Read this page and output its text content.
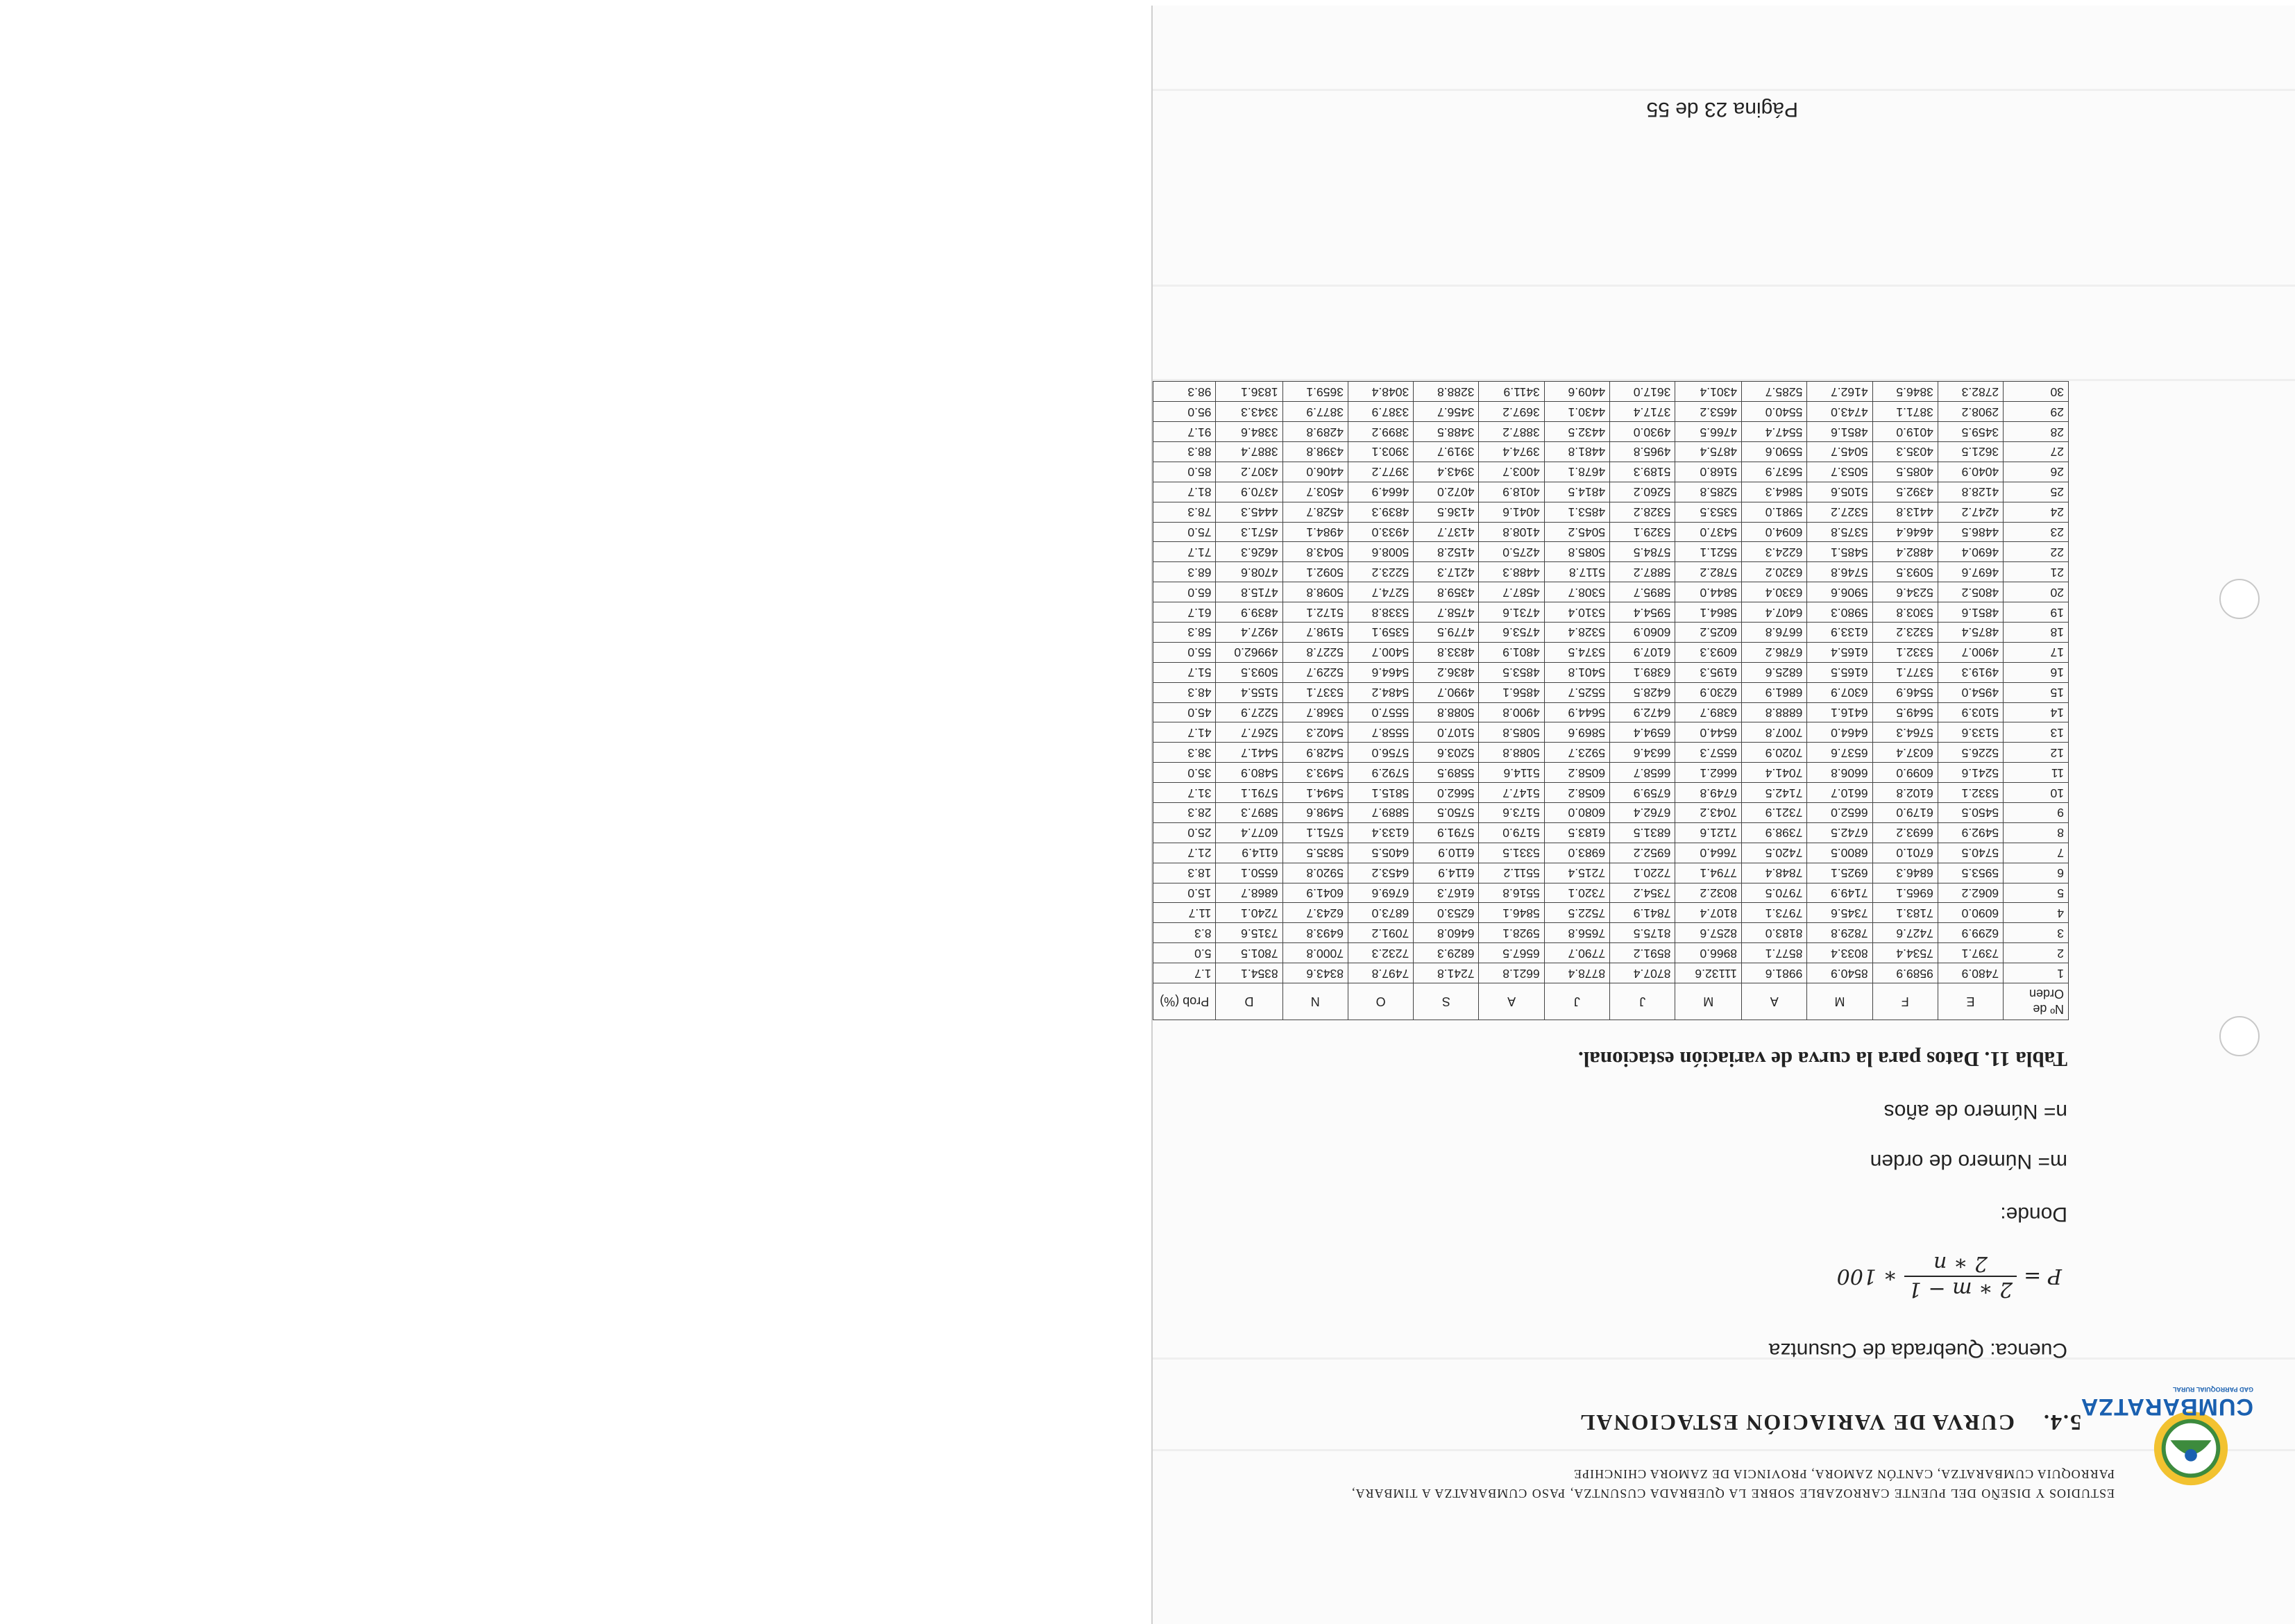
CUMBARATZA
GAD PARROQUIAL RURAL
ESTUDIOS Y DISEÑO DEL PUENTE CARROZABLE SOBRE LA QUEBRADA CUSUNTZA, PASO CUMBARATZA A TIMBARA, PARROQUIA CUMBARATZA, CANTÓN ZAMORA, PROVINCIA DE ZAMORA CHINCHIPE
5.4. CURVA DE VARIACIÓN ESTACIONAL
Cuenca: Quebrada de Cusuntza
P =
2 ∗ m − 1
2 ∗ n
∗ 100
Donde:
m= Número de orden
n= Número de años
Tabla 11. Datos para la curva de variación estacional.
Nº de
Orden	E	F	M	A	M	J	J	A	S	O	N	D	Prob (%)
1	7480.9	9589.9	8540.9	9981.6	11132.6	8707.4	8778.4	6621.8	7241.8	7497.8	8343.6	8354.1	1.7
2	7397.1	7534.4	8033.4	8577.1	8966.0	8591.2	7790.7	6567.5	6829.3	7232.3	7000.8	7801.5	5.0
3	6299.9	7427.6	7829.8	8183.0	8257.6	8175.5	7656.8	5928.1	6460.8	7091.2	6493.8	7315.6	8.3
4	6090.0	7183.1	7345.6	7973.1	8107.4	7841.9	7522.5	5846.1	6253.0	6873.0	6243.7	7240.1	11.7
5	6062.2	6965.1	7149.9	7970.5	8032.2	7354.2	7320.1	5516.8	6167.3	6769.6	6041.9	6868.7	15.0
6	5953.5	6846.3	6925.1	7848.4	7794.1	7220.1	7215.4	5511.2	6114.9	6453.2	5920.8	6550.1	18.3
7	5740.5	6701.0	6800.5	7420.5	7664.0	6952.2	6983.0	5331.5	6110.9	6405.5	5835.5	6114.9	21.7
8	5492.9	6693.2	6742.5	7398.9	7121.6	6831.5	6183.5	5179.0	5791.9	6133.4	5751.1	6077.4	25.0
9	5450.5	6179.0	6652.0	7321.9	7043.2	6762.4	6080.0	5173.6	5750.5	5889.7	5498.6	5897.3	28.3
10	5332.1	6102.8	6610.7	7142.5	6749.8	6759.9	6058.2	5147.7	5662.0	5815.1	5494.1	5791.1	31.7
11	5241.6	6099.0	6606.8	7041.4	6662.1	6658.7	6058.2	5114.6	5589.5	5792.9	5493.3	5480.9	35.0
12	5226.5	6037.4	6537.6	7020.9	6557.3	6634.6	5923.7	5088.8	5203.6	5756.0	5428.9	5441.7	38.3
13	5133.6	5764.3	6464.0	7007.8	6544.0	6594.4	5869.6	5085.8	5107.0	5558.7	5402.3	5267.7	41.7
14	5103.9	5649.5	6416.1	6888.8	6389.7	6472.9	5644.9	4900.8	5088.8	5557.0	5368.7	5227.9	45.0
15	4954.0	5546.9	6307.9	6861.9	6230.9	6428.5	5525.7	4856.1	4990.7	5484.2	5337.1	5155.4	48.3
16	4919.3	5377.1	6165.5	6825.6	6195.3	6389.1	5401.8	4853.5	4836.2	5464.6	5229.7	5093.5	51.7
17	4900.7	5332.1	6165.4	6786.2	6093.3	6107.9	5374.5	4801.9	4833.8	5400.7	5227.8	49962.0	55.0
18	4875.4	5323.2	6133.9	6676.8	6025.2	6060.9	5328.4	4753.6	4779.5	5359.1	5198.7	4927.4	58.3
19	4851.6	5303.8	5980.3	6407.4	5864.1	5954.4	5310.4	4731.6	4758.7	5338.8	5172.1	4839.9	61.7
20	4805.2	5234.6	5906.6	6330.4	5844.0	5895.7	5308.7	4587.7	4359.8	5274.7	5098.8	4715.8	65.0
21	4697.6	5093.5	5746.8	6320.2	5782.2	5887.2	5117.8	4488.3	4217.3	5223.2	5092.1	4708.6	68.3
22	4690.4	4882.4	5485.1	6224.3	5521.1	5784.5	5085.8	4275.0	4152.8	5008.6	5043.8	4626.3	71.7
23	4486.5	4646.4	5375.8	6094.0	5437.0	5329.1	5045.2	4108.8	4137.7	4933.0	4984.1	4571.3	75.0
24	4247.2	4413.8	5327.2	5981.0	5353.5	5328.2	4853.1	4041.6	4136.5	4839.3	4528.7	4445.3	78.3
25	4128.8	4392.5	5105.6	5864.3	5285.8	5260.2	4814.5	4018.9	4072.0	4664.9	4503.7	4370.9	81.7
26	4040.9	4085.5	5053.7	5637.9	5168.0	5189.3	4678.1	4003.7	3943.4	3977.2	4406.0	4307.2	85.0
27	3621.5	4035.3	5045.7	5590.6	4875.4	4965.8	4481.8	3974.4	3919.7	3903.1	4398.8	3887.4	88.3
28	3459.5	4019.0	4851.6	5547.4	4766.5	4930.0	4432.5	3887.2	3488.5	3899.2	4289.8	3384.6	91.7
29	2908.2	3871.1	4743.0	5540.0	4653.2	3717.4	4430.1	3697.2	3456.7	3387.9	3877.9	3343.3	95.0
30	2782.3	3846.5	4162.7	5285.7	4301.4	3617.0	4409.6	3411.9	3288.8	3048.4	3659.1	1836.1	98.3
Página 23 de 55
